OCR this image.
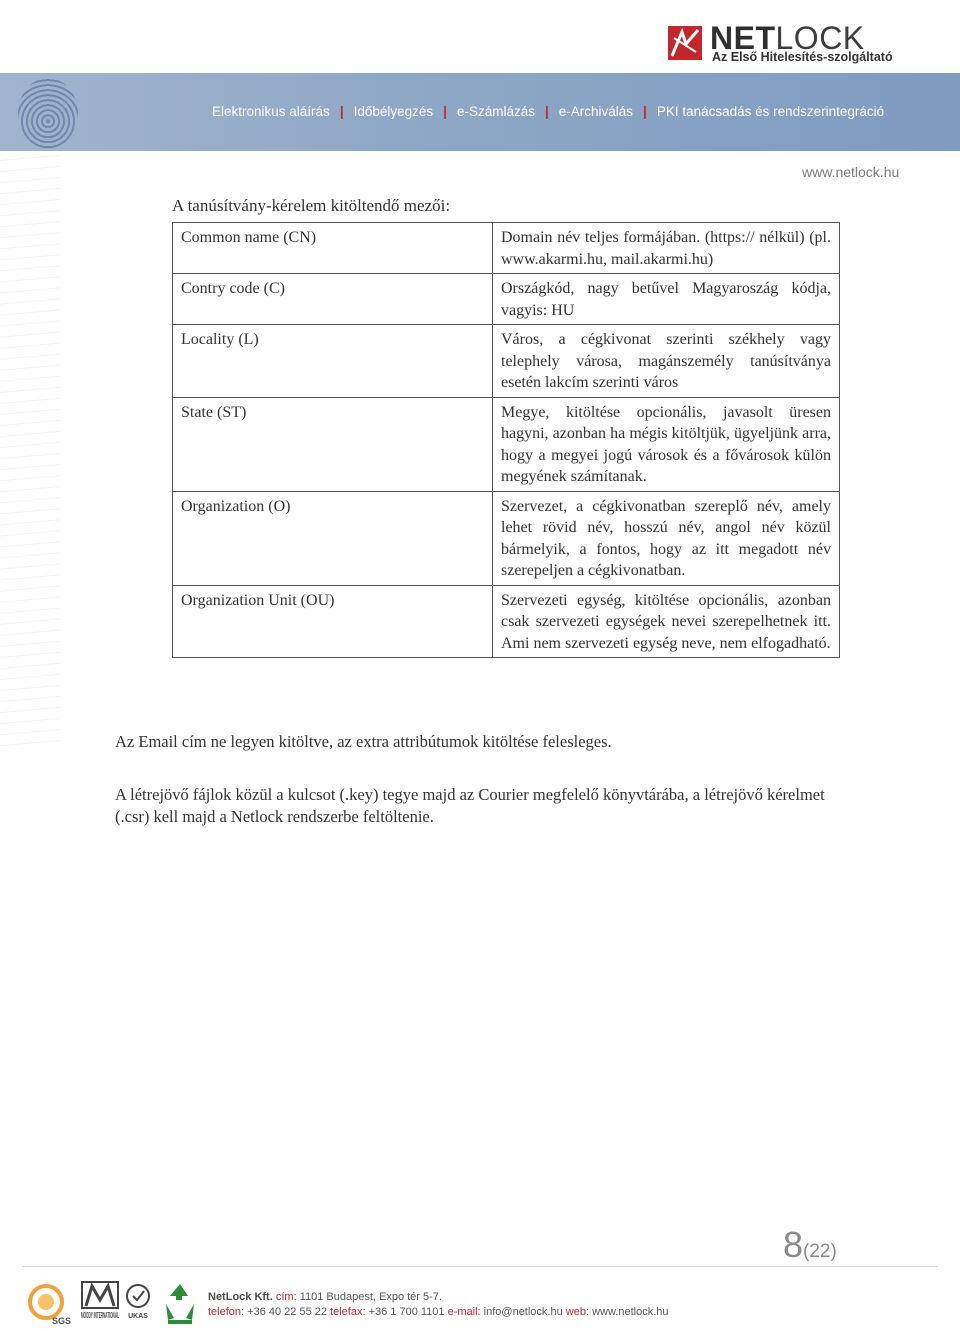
NETLOCK
Az Első Hitelesítés-szolgáltató
Elektronikus aláírás | Időbélyegzés | e-Számlázás | e-Archiválás | PKI tanácsadás és rendszerintegráció
www.netlock.hu
A tanúsítvány-kérelem kitöltendő mezői:
Common name (CN)	Domain név teljes formájában. (https:// nélkül) (pl. www.akarmi.hu, mail.akarmi.hu)
Contry code (C)	Országkód, nagy betűvel Magyaroszág kódja, vagyis: HU
Locality (L)	Város, a cégkivonat szerinti székhely vagy telephely városa, magánszemély tanúsítványa esetén lakcím szerinti város
State (ST)	Megye, kitöltése opcionális, javasolt üresen hagyni, azonban ha mégis kitöltjük, ügyeljünk arra, hogy a megyei jogú városok és a fővárosok külön megyének számítanak.
Organization (O)	Szervezet, a cégkivonatban szereplő név, amely lehet rövid név, hosszú név, angol név közül bármelyik, a fontos, hogy az itt megadott név szerepeljen a cégkivonatban.
Organization Unit (OU)	Szervezeti egység, kitöltése opcionális, azonban csak szervezeti egységek nevei szerepelhetnek itt. Ami nem szervezeti egység neve, nem elfogadható.
Az Email cím ne legyen kitöltve, az extra attribútumok kitöltése felesleges.
A létrejövő fájlok közül a kulcsot (.key) tegye majd az Courier megfelelő könyvtárába, a létrejövő kérelmet (.csr) kell majd a Netlock rendszerbe feltöltenie.
8(22)
SGS
MOODY INTERNATIONAL UKAS
NetLock Kft. cím: 1101 Budapest, Expo tér 5-7.
telefon: +36 40 22 55 22 telefax: +36 1 700 1101 e-mail: info@netlock.hu web: www.netlock.hu
